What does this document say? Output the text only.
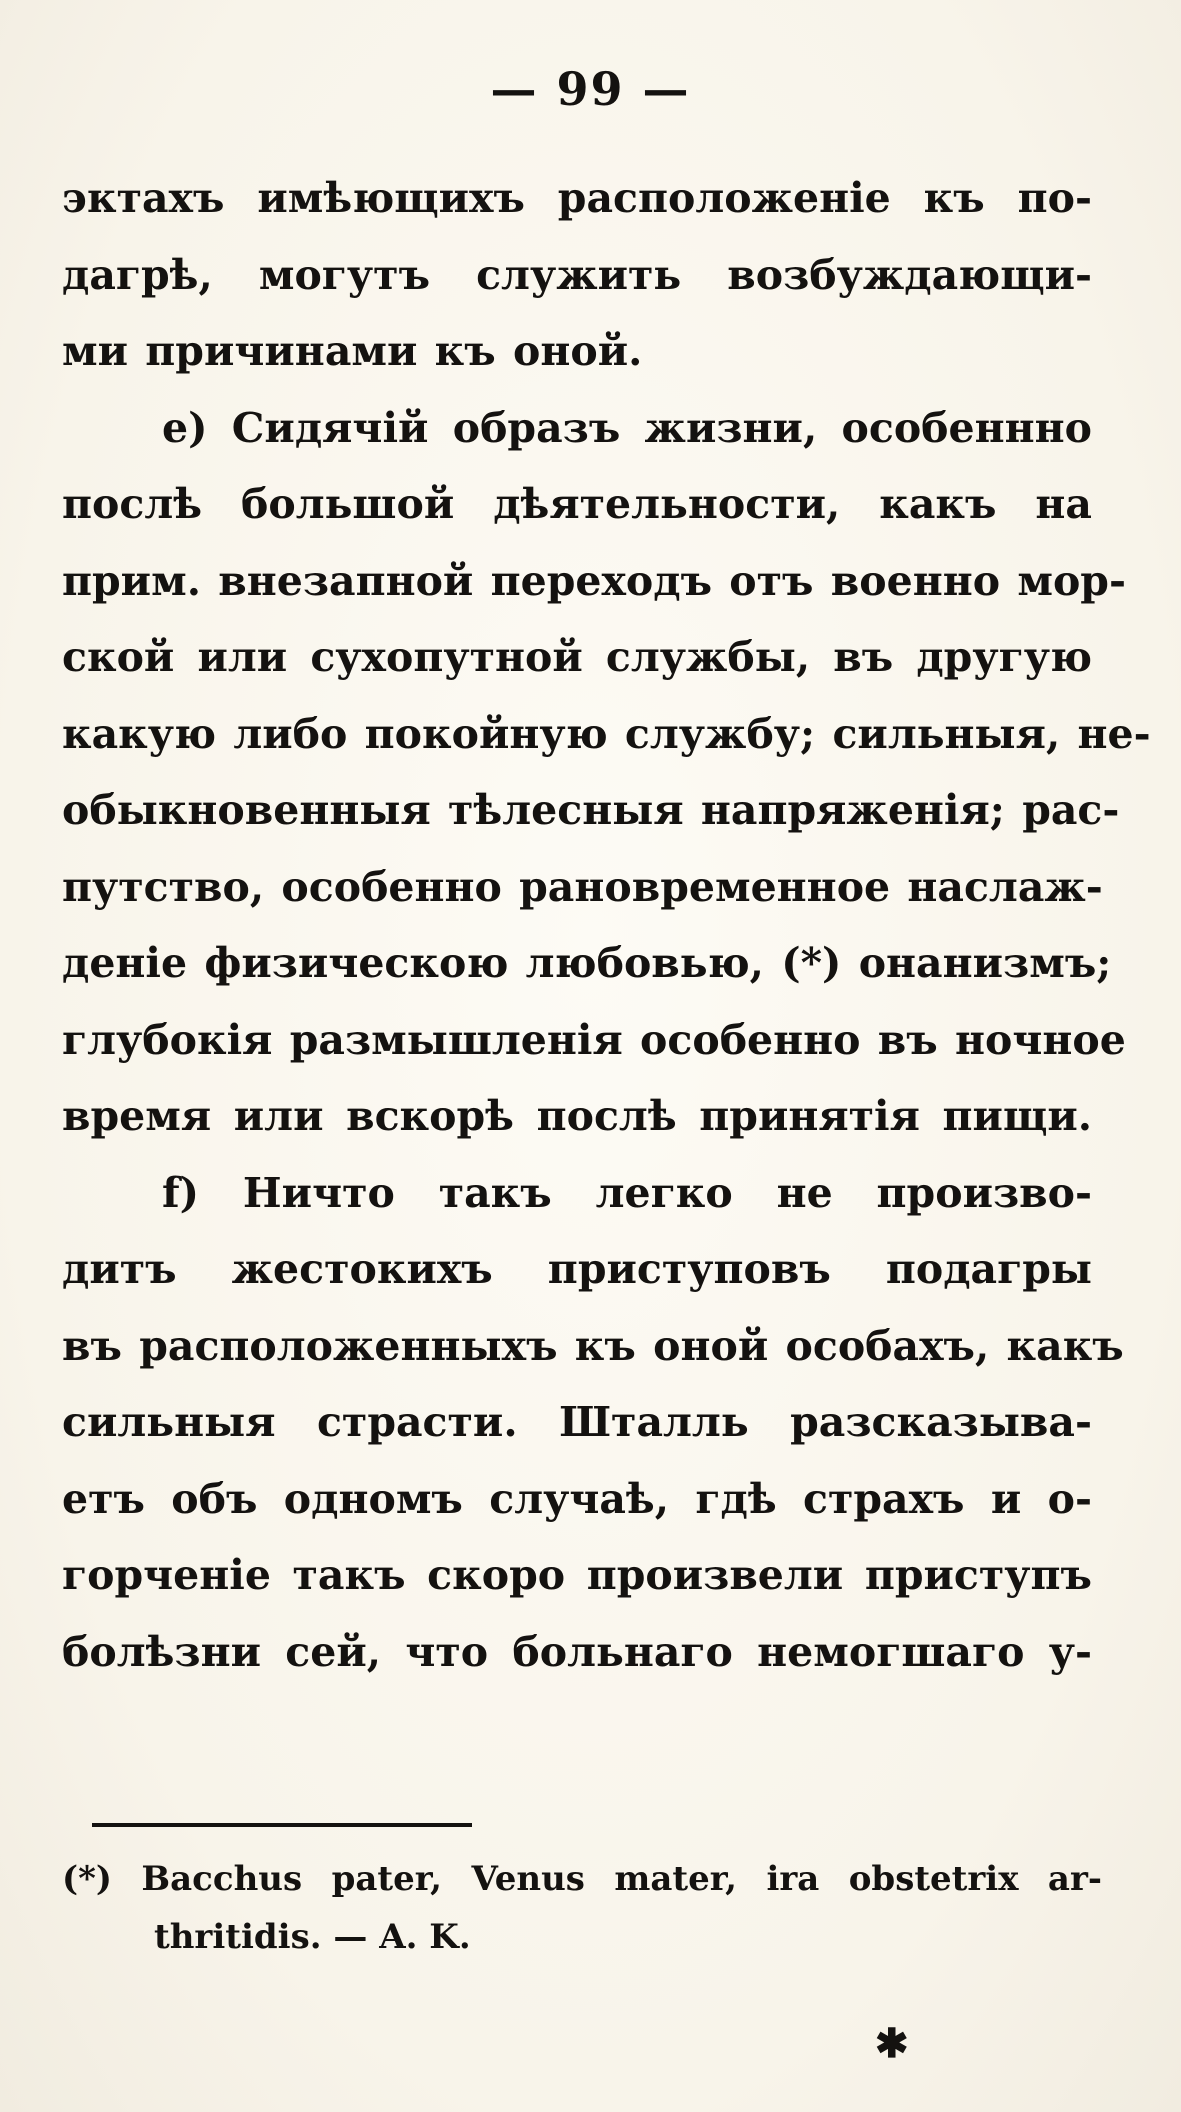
— 99 —
эктахъ имѣющихъ расположеніе къ по-
дагрѣ, могутъ служить возбуждающи-
ми причинами къ оной.
e) Сидячій образъ жизни, особеннно
послѣ большой дѣятельности, какъ на
прим. внезапной переходъ отъ военно мор-
ской или сухопутной службы, въ другую
какую либо покойную службу; сильныя, не-
обыкновенныя тѣлесныя напряженія; рас-
путство, особенно рановременное наслаж-
деніе физическою любовью, (*) онанизмъ;
глубокія размышленія особенно въ ночное
время или вскорѣ послѣ принятія пищи.
f) Ничто такъ легко не произво-
дитъ жестокихъ приступовъ подагры
въ расположенныхъ къ оной особахъ, какъ
сильныя страсти. Шталль разсказыва-
етъ объ одномъ случаѣ, гдѣ страхъ и о-
горченіе такъ скоро произвели приступъ
болѣзни сей, что больнаго немогшаго у-
(*) Bacchus pater, Venus mater, ira obstetrix ar-
thritidis. — A. K.
✱
